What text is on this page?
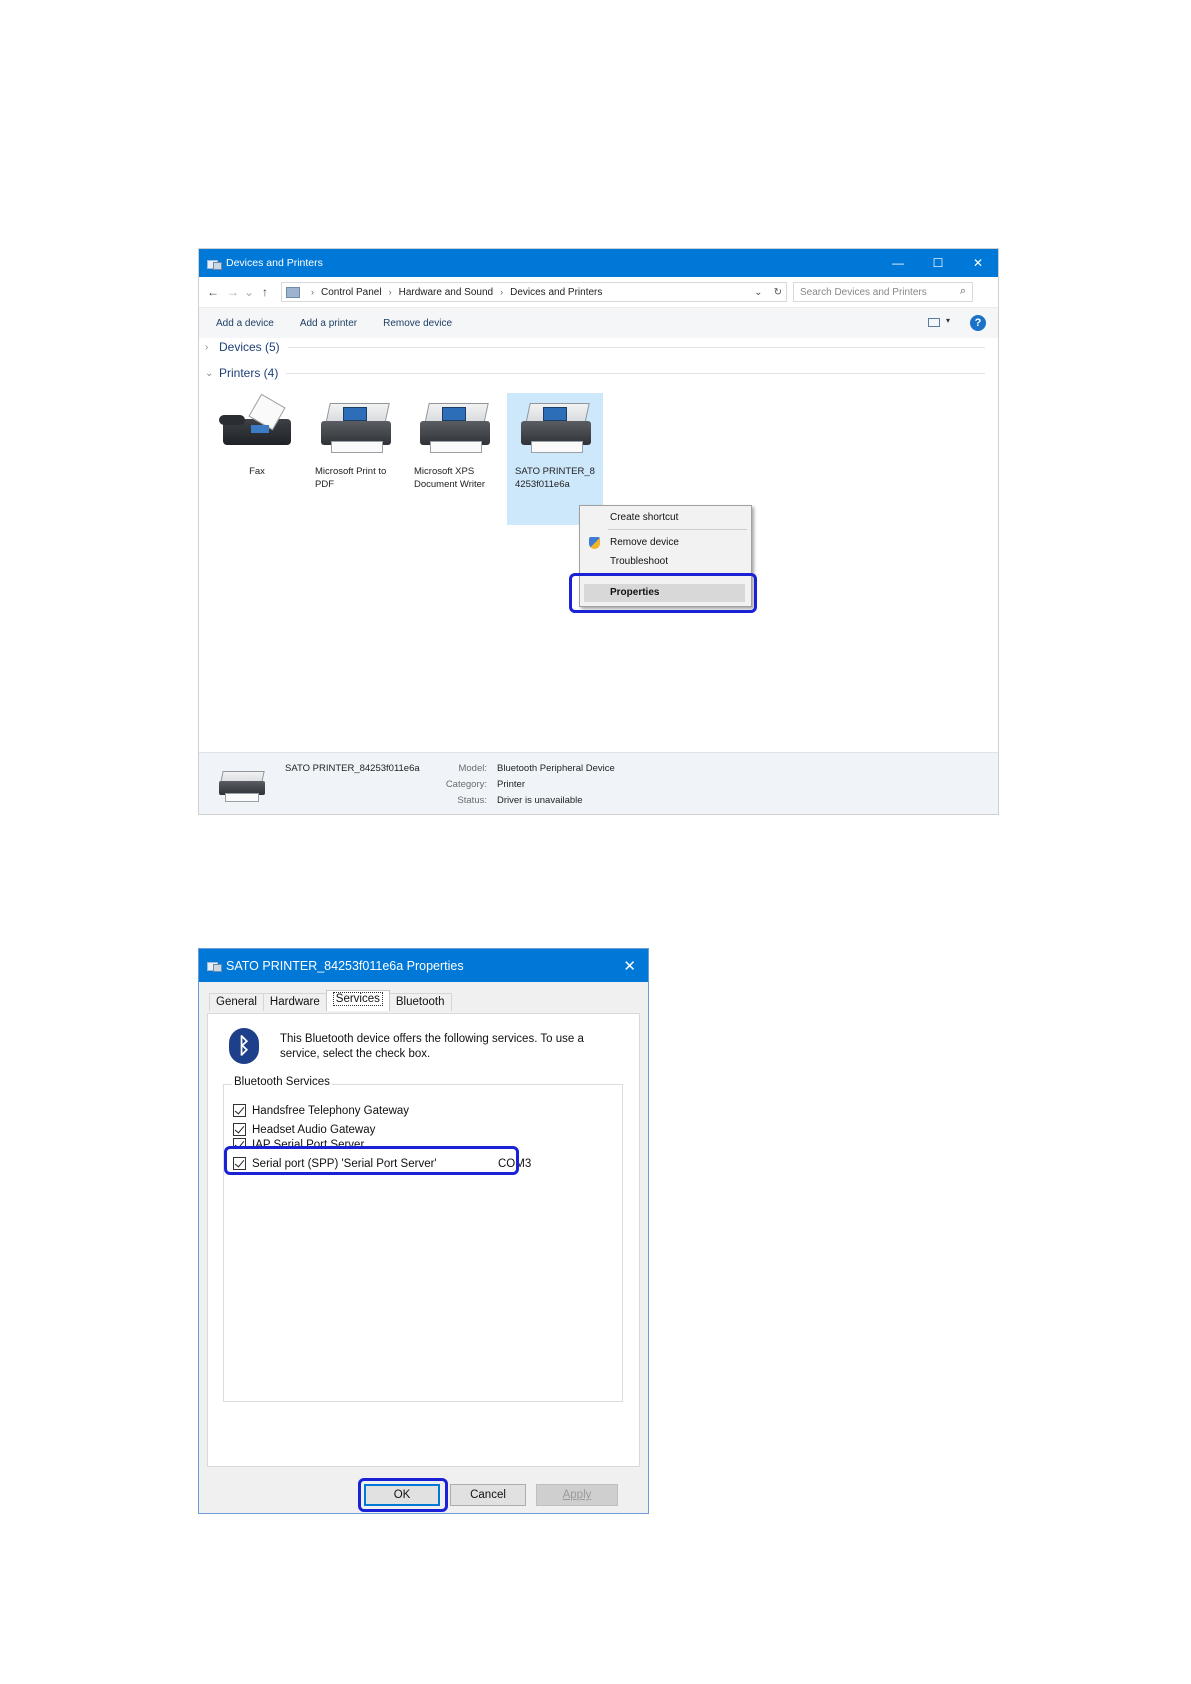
Devices and Printers	—	☐	✕
← → ⌄ ↑	› Control Panel › Hardware and Sound › Devices and Printers	⌄ ↻ Search Devices and Printers	⌕
Add a device	Add a printer	Remove device	▾	?
› Devices (5)
⌄ Printers (4)
Fax	Microsoft Print to PDF
Microsoft XPS Document Writer
SATO PRINTER_84253f011e6a
Create shortcut
Remove device
Troubleshoot
Properties
SATO PRINTER_84253f011e6a	Model: Bluetooth Peripheral Device
Category: Printer
Status: Driver is unavailable
SATO PRINTER_84253f011e6a Properties	✕
General	Hardware	Services	Bluetooth
ᛒ	This Bluetooth device offers the following services. To use a service, select the check box.
Bluetooth Services
Handsfree Telephony Gateway
Headset Audio Gateway
IAP Serial Port Server
Serial port (SPP) 'Serial Port Server'	COM3
OK	Cancel	Apply
